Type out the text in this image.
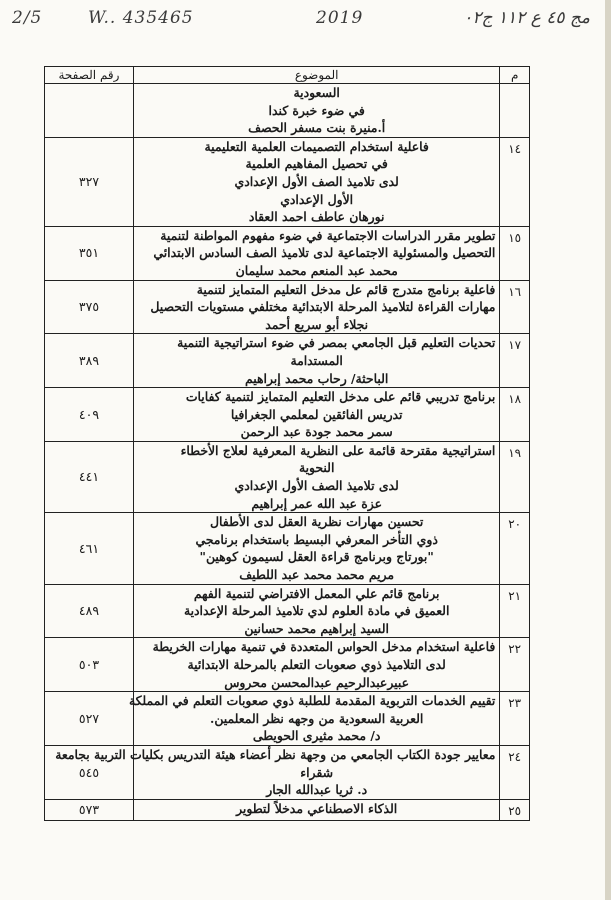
2/5	W.. 435465	2019	مج ٤٥ ع ١١٢ ج٠٢
م	الموضوع	رقم الصفحة

	السعودية
في ضوء خبرة كندا
أ.منيرة بنت مسفر الحصف	

١٤	فاعلية استخدام التصميمات العلمية التعليمية
في تحصيل المفاهيم العلمية
لدى تلاميذ الصف الأول الإعدادي
الأول الإعدادي
نورهان عاطف احمد العقاد	٣٢٧
١٥	تطوير مقرر الدراسات الاجتماعية في ضوء مفهوم المواطنة لتنمية
التحصيل والمسئولية الاجتماعية لدى تلاميذ الصف السادس الابتدائي
محمد عبد المنعم محمد سليمان	٣٥١
١٦	فاعلية برنامج متدرج قائم عل مدخل التعليم المتمايز لتنمية
مهارات القراءة لتلاميذ المرحلة الابتدائية مختلفي مستويات التحصيل
نجلاء أبو سريع أحمد	٣٧٥
١٧	تحديات التعليم قبل الجامعي بمصر في ضوء استراتيجية التنمية
المستدامة
الباحثة/ رحاب محمد إبراهيم	٣٨٩
١٨	برنامج تدريبي قائم على مدخل التعليم المتمايز لتنمية كفايات
تدريس الفائقين لمعلمي الجغرافيا
سمر محمد جودة عبد الرحمن	٤٠٩
١٩	استراتيجية مقترحة قائمة على النظرية المعرفية لعلاج الأخطاء
النحوية
لدى تلاميذ الصف الأول الإعدادي
عزة عبد الله عمر إبراهيم	٤٤١
٢٠	تحسين مهارات نظرية العقل لدى الأطفال
ذوي التأخر المعرفي البسيط باستخدام برنامجي
"بورتاج وبرنامج قراءة العقل لسيمون كوهين"
مريم محمد محمد عبد اللطيف	٤٦١
٢١	برنامج قائم علي المعمل الافتراضي لتنمية الفهم
العميق في مادة العلوم لدي تلاميذ المرحلة الإعدادية
السيد إبراهيم محمد حسانين	٤٨٩
٢٢	فاعلية استخدام مدخل الحواس المتعددة في تنمية مهارات الخريطة
لدى التلاميذ ذوي صعوبات التعلم بالمرحلة الابتدائية
عبيرعبدالرحيم عبدالمحسن محروس	٥٠٣
٢٣	تقييم الخدمات التربوية المقدمة للطلبة ذوي صعوبات التعلم في المملكة
العربية السعودية من وجهه نظر المعلمين.
د/ محمد مثيرى الحويطى	٥٢٧
٢٤	معايير جودة الكتاب الجامعي من وجهة نظر أعضاء هيئة التدريس بكليات التربية بجامعة
شقراء
د. ثريا عبدالله الجار	٥٤٥
٢٥	الذكاء الاصطناعي مدخلاً لتطوير	٥٧٣
